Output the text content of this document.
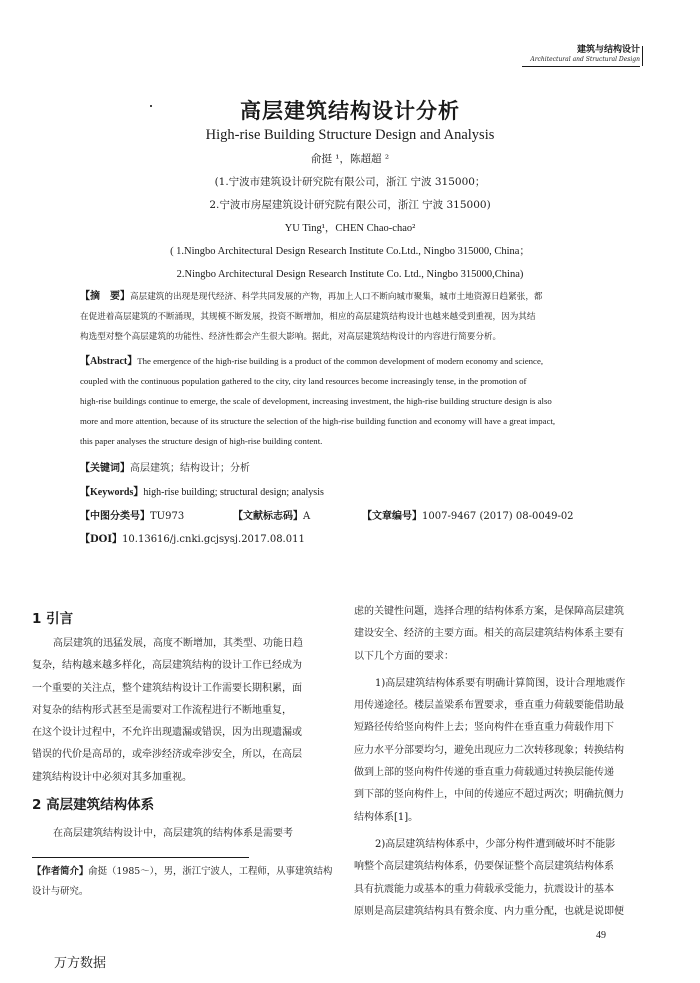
建筑与结构设计
Architectural and Structural Design
高层建筑结构设计分析
High-rise Building Structure Design and Analysis
俞挺 ¹，陈超超 ²
(1.宁波市建筑设计研究院有限公司，浙江 宁波 315000；
2.宁波市房屋建筑设计研究院有限公司，浙江 宁波 315000)
YU Ting¹，CHEN Chao-chao²
( 1.Ningbo Architectural Design Research Institute Co.Ltd., Ningbo 315000, China；
2.Ningbo Architectural Design Research Institute Co. Ltd., Ningbo 315000,China)
【摘　要】高层建筑的出现是现代经济、科学共同发展的产物，再加上人口不断向城市聚集，城市土地资源日趋紧张，都
在促进着高层建筑的不断涌现，其规模不断发展，投资不断增加，相应的高层建筑结构设计也越来越受到重视，因为其结
构选型对整个高层建筑的功能性、经济性都会产生很大影响。据此，对高层建筑结构设计的内容进行简要分析。
【Abstract】The emergence of the high-rise building is a product of the common development of modern economy and science,
coupled with the continuous population gathered to the city, city land resources become increasingly tense, in the promotion of
high-rise buildings continue to emerge, the scale of development, increasing investment, the high-rise building structure design is also
more and more attention, because of its structure the selection of the high-rise building function and economy will have a great impact,
this paper analyses the structure design of high-rise building content.
【关键词】高层建筑；结构设计；分析
【Keywords】high-rise building; structural design; analysis
【中图分类号】TU973	【文献标志码】A	【文章编号】1007-9467 (2017) 08-0049-02
【DOI】10.13616/j.cnki.gcjsysj.2017.08.011
1 引言
高层建筑的迅猛发展，高度不断增加，其类型、功能日趋
复杂，结构越来越多样化，高层建筑结构的设计工作已经成为
一个重要的关注点，整个建筑结构设计工作需要长期积累，面
对复杂的结构形式甚至是需要对工作流程进行不断地重复，
在这个设计过程中，不允许出现遗漏或错误，因为出现遗漏或
错误的代价是高昂的，或牵涉经济或牵涉安全，所以，在高层
建筑结构设计中必须对其多加重视。
2 高层建筑结构体系
在高层建筑结构设计中，高层建筑的结构体系是需要考
虑的关键性问题，选择合理的结构体系方案，是保障高层建筑
建设安全、经济的主要方面。相关的高层建筑结构体系主要有
以下几个方面的要求：
1)高层建筑结构体系要有明确计算简图，设计合理地震作
用传递途径。楼层盖梁系布置要求，垂直重力荷载要能借助最
短路径传给竖向构件上去；竖向构件在垂直重力荷载作用下
应力水平分部要均匀，避免出现应力二次转移现象；转换结构
做到上部的竖向构件传递的垂直重力荷载通过转换层能传递
到下部的竖向构件上，中间的传递应不超过两次；明确抗侧力
结构体系[1]。
2)高层建筑结构体系中，少部分构件遭到破坏时不能影
响整个高层建筑结构体系，仍要保证整个高层建筑结构体系
具有抗震能力或基本的重力荷载承受能力，抗震设计的基本
原则是高层建筑结构具有赘余度、内力重分配，也就是说即便
【作者简介】俞挺（1985～），男，浙江宁波人，工程师，从事建筑结构
设计与研究。
49
万方数据
